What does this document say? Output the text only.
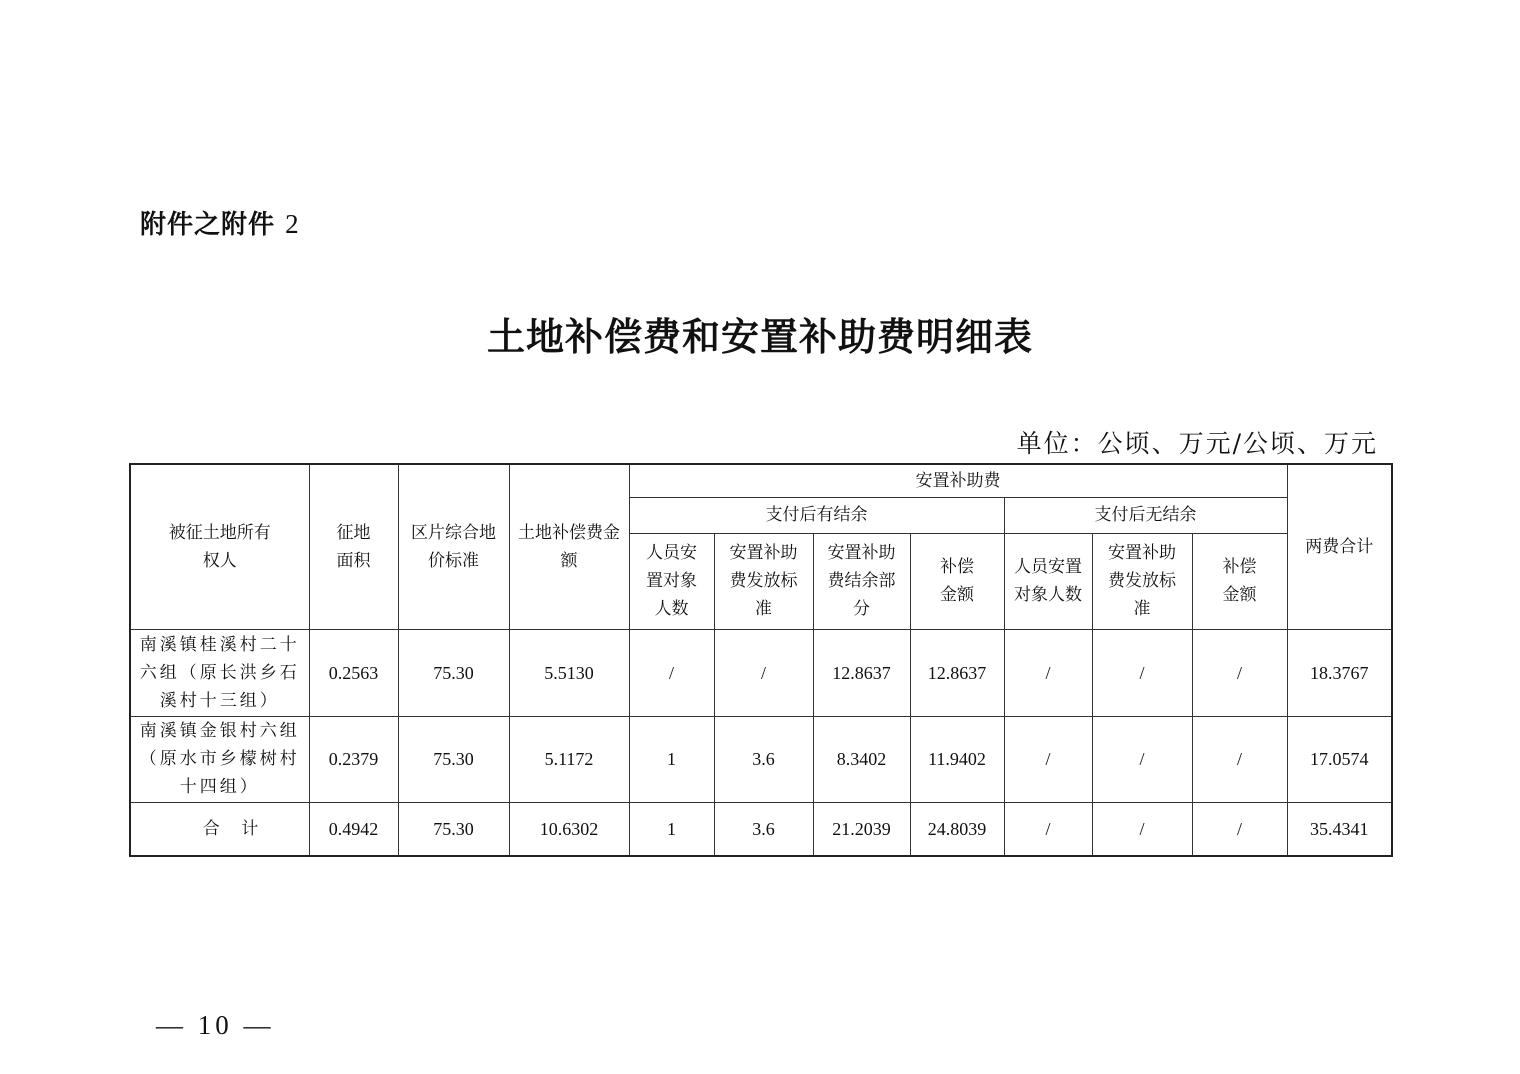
附件之附件 2
土地补偿费和安置补助费明细表
单位：公顷、万元/公顷、万元
被征土地所有权人	征地面积	区片综合地价标准	土地补偿费金额	安置补助费							两费合计
				支付后有结余				支付后无结余			
				人员安置对象人数	安置补助费发放标准	安置补助费结余部分	补偿金额	人员安置对象人数	安置补助费发放标准	补偿金额	
南溪镇桂溪村二十六组（原长洪乡石溪村十三组）	0.2563	75.30	5.5130	/	/	12.8637	12.8637	/	/	/	18.3767
南溪镇金银村六组（原水市乡檬树村十四组）	0.2379	75.30	5.1172	1	3.6	8.3402	11.9402	/	/	/	17.0574
合 计	0.4942	75.30	10.6302	1	3.6	21.2039	24.8039	/	/	/	35.4341
— 10 —
